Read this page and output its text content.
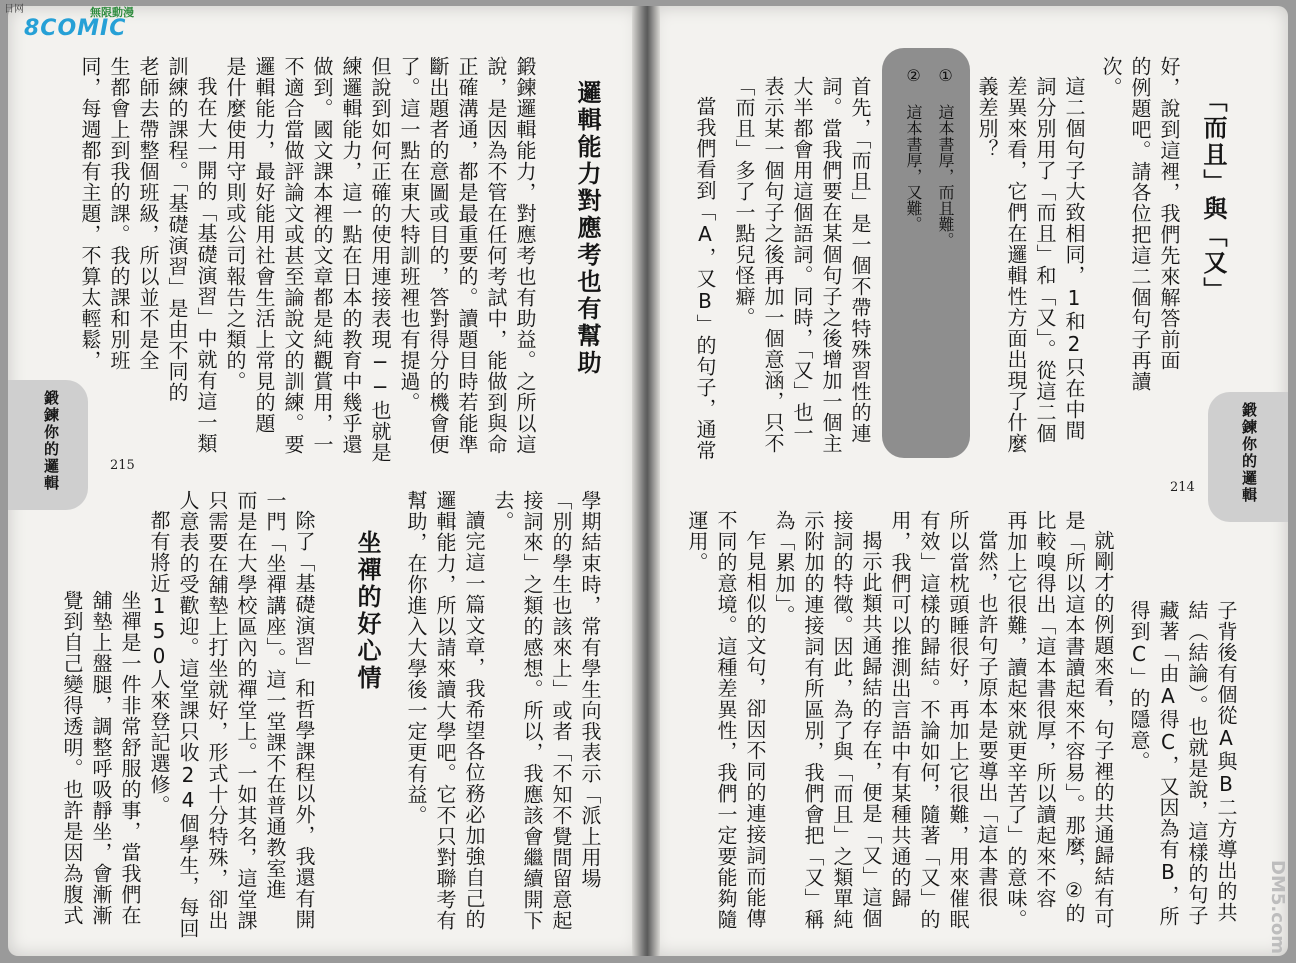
日网	無限動漫
8COMIC
「而且」與「又」
好，說到這裡，我們先來解答前面
的例題吧。請各位把這二個句子再讀
次。
這二個句子大致相同，1和2只在中間
詞分別用了「而且」和「又」。從這二個
差異來看，它們在邏輯性方面出現了什麼
義差別？
① 這本書厚，而且難。
② 這本書厚，又難。
首先，「而且」是一個不帶特殊習性的連
詞。當我們要在某個句子之後增加一個主
大半都會用這個語詞。同時，「又」也一
表示某一個句子之後再加一個意涵，只不
「而且」多了一點兒怪癖。
當我們看到「A，又B」的句子，通常
子背後有個從A與B二方導出的共
結（結論）。也就是說，這樣的句子
藏著「由A得C，又因為有B，所
得到C」的隱意。
就剛才的例題來看，句子裡的共通歸結有可
是「所以這本書讀起來不容易」。那麼，②的
比較嗅得出「這本書很厚，所以讀起來不容
再加上它很難，讀起來就更辛苦了」的意味。
當然，也許句子原本是要導出「這本書很
所以當枕頭睡很好，再加上它很難，用來催眠
有效」這樣的歸結。不論如何，隨著「又」的
用，我們可以推測出言語中有某種共通的歸
揭示此類共通歸結的存在，便是「又」這個
接詞的特徵。因此，為了與「而且」之類單純
示附加的連接詞有所區別，我們會把「又」稱
為「累加」。
乍見相似的文句，卻因不同的連接詞而能傳
不同的意境。這種差異性，我們一定要能夠隨
運用。
鍛鍊你的邏輯
214
邏輯能力對應考也有幫助
鍛鍊邏輯能力，對應考也有助益。之所以這
說，是因為不管在任何考試中，能做到與命
正確溝通，都是最重要的。讀題目時若能準
斷出題者的意圖或目的，答對得分的機會便
了。這一點在東大特訓班裡也有提過。
但說到如何正確的使用連接表現──也就是
練邏輯能力，這一點在日本的教育中幾乎還
做到。國文課本裡的文章都是純觀賞用，一
不適合當做評論文或甚至論說文的訓練。要
邏輯能力，最好能用社會生活上常見的題
是什麼使用守則或公司報告之類的。
我在大一開的「基礎演習」中就有這一類
訓練的課程。「基礎演習」是由不同的
老師去帶整個班級，所以並不是全
生都會上到我的課。我的課和別班
同，每週都有主題，不算太輕鬆，
鍛鍊你的邏輯
215
學期結束時，常有學生向我表示「派上用場
「別的學生也該來上」或者「不知不覺間留意起
接詞來」之類的感想。所以，我應該會繼續開下
去。
讀完這一篇文章，我希望各位務必加強自己的
邏輯能力，所以請來讀大學吧。它不只對聯考有
幫助，在你進入大學後一定更有益。
坐禪的好心情
除了「基礎演習」和哲學課程以外，我還有開
一門「坐禪講座」。這一堂課不在普通教室進
而是在大學校區內的禪堂上。一如其名，這堂課
只需要在舖墊上打坐就好，形式十分特殊，卻出
人意表的受歡迎。這堂課只收24個學生，每回
都有將近150人來登記選修。
坐禪是一件非常舒服的事，當我們在
舖墊上盤腿，調整呼吸靜坐，會漸漸
覺到自己變得透明。也許是因為腹式	DM5.com
